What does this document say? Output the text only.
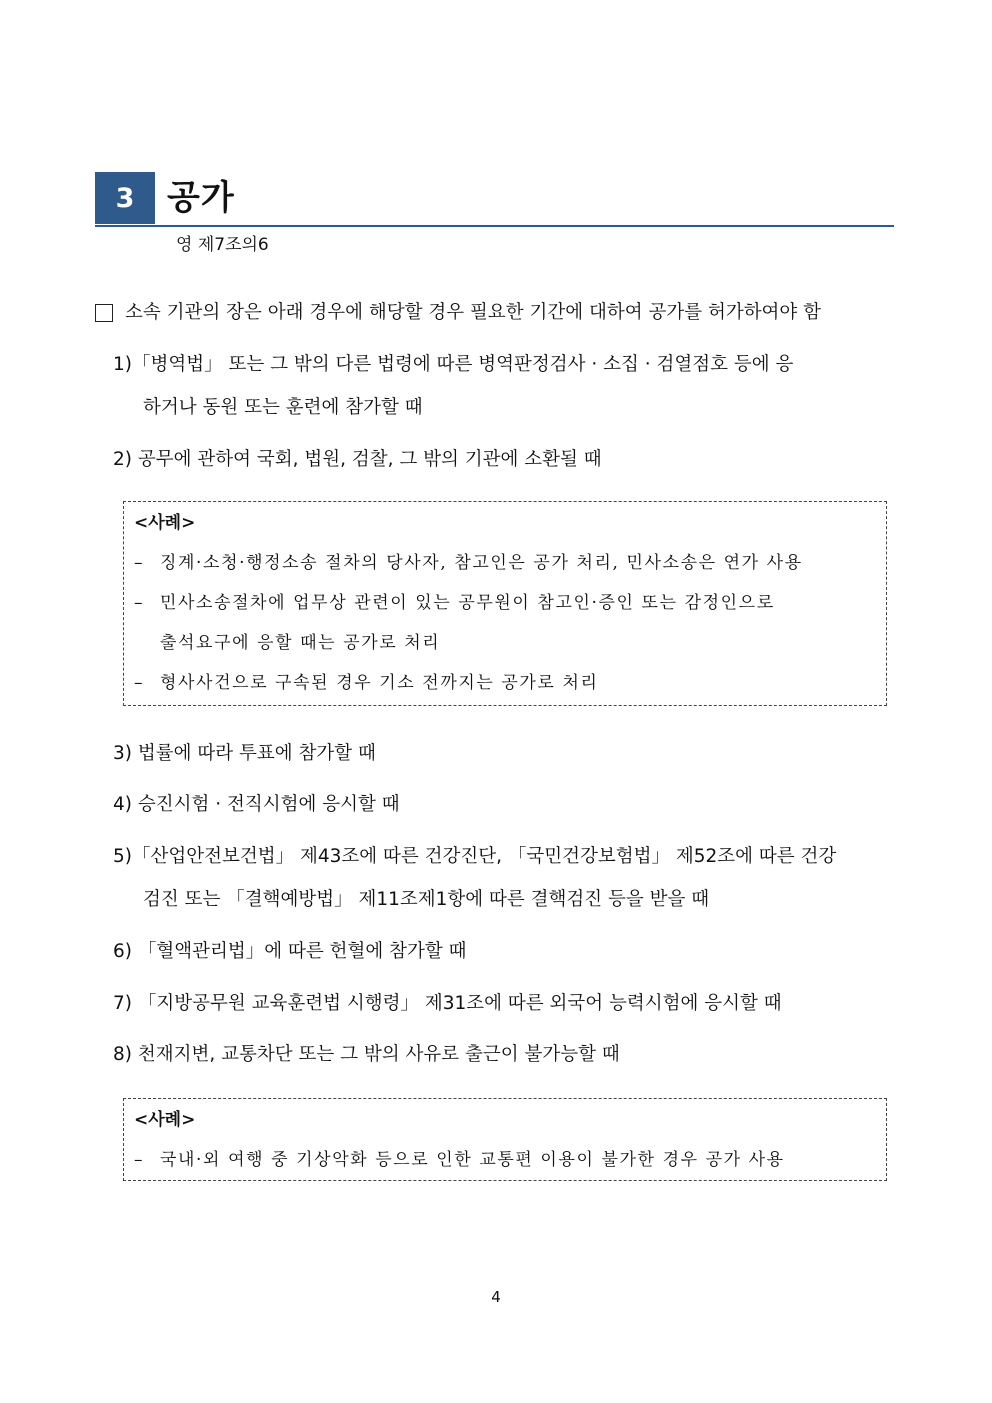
3 공가
영 제7조의6
소속 기관의 장은 아래 경우에 해당할 경우 필요한 기간에 대하여 공가를 허가하여야 함
1)「병역법」 또는 그 밖의 다른 법령에 따른 병역판정검사 · 소집 · 검열점호 등에 응
하거나 동원 또는 훈련에 참가할 때
2) 공무에 관하여 국회, 법원, 검찰, 그 밖의 기관에 소환될 때
<사례>
–	징계·소청·행정소송 절차의 당사자, 참고인은 공가 처리, 민사소송은 연가 사용
–	민사소송절차에 업무상 관련이 있는 공무원이 참고인·증인 또는 감정인으로
출석요구에 응할 때는 공가로 처리
–	형사사건으로 구속된 경우 기소 전까지는 공가로 처리
3) 법률에 따라 투표에 참가할 때
4) 승진시험 · 전직시험에 응시할 때
5)「산업안전보건법」 제43조에 따른 건강진단, 「국민건강보험법」 제52조에 따른 건강
검진 또는 「결핵예방법」 제11조제1항에 따른 결핵검진 등을 받을 때
6) 「혈액관리법」에 따른 헌혈에 참가할 때
7) 「지방공무원 교육훈련법 시행령」 제31조에 따른 외국어 능력시험에 응시할 때
8) 천재지변, 교통차단 또는 그 밖의 사유로 출근이 불가능할 때
<사례>
–	국내·외 여행 중 기상악화 등으로 인한 교통편 이용이 불가한 경우 공가 사용
4
